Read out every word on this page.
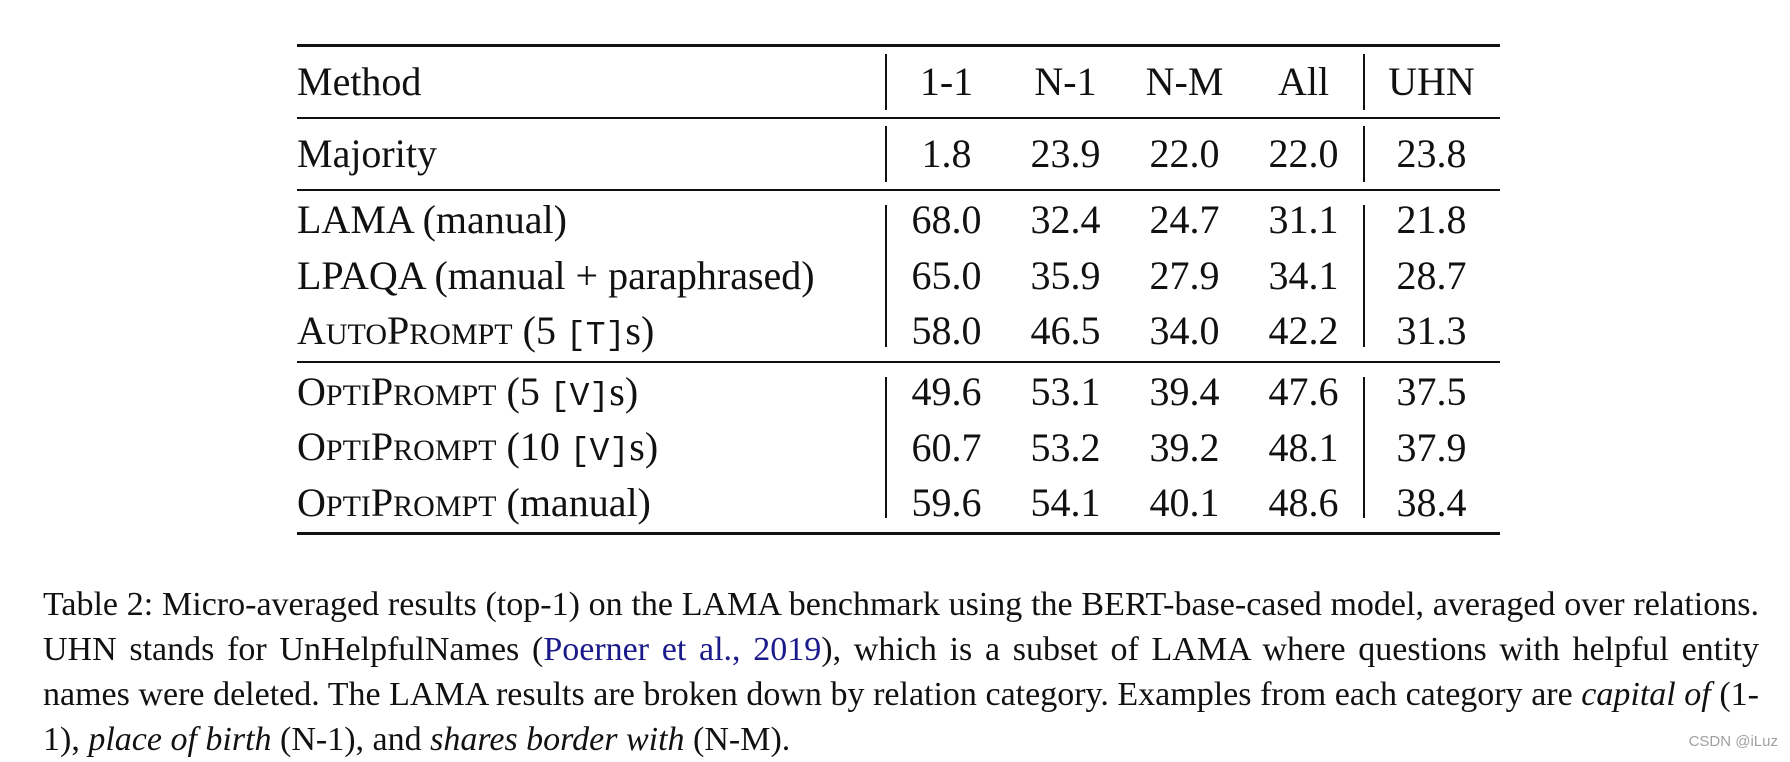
Method	1-1	N-1	N-M	All	UHN
Majority	1.8	23.9	22.0	22.0	23.8
LAMA (manual)	68.0	32.4	24.7	31.1	21.8
LPAQA (manual + paraphrased)	65.0	35.9	27.9	34.1	28.7
AUTOPROMPT (5 [T]s)	58.0	46.5	34.0	42.2	31.3
OPTIPROMPT (5 [V]s)	49.6	53.1	39.4	47.6	37.5
OPTIPROMPT (10 [V]s)	60.7	53.2	39.2	48.1	37.9
OPTIPROMPT (manual)	59.6	54.1	40.1	48.6	38.4
Table 2: Micro-averaged results (top-1) on the LAMA benchmark using the BERT-base-cased model, averaged over relations. UHN stands for UnHelpfulNames (Poerner et al., 2019), which is a subset of LAMA where questions with helpful entity names were deleted. The LAMA results are broken down by relation category. Examples from each category are capital of (1-1), place of birth (N-1), and shares border with (N-M).	CSDN @iLuz
